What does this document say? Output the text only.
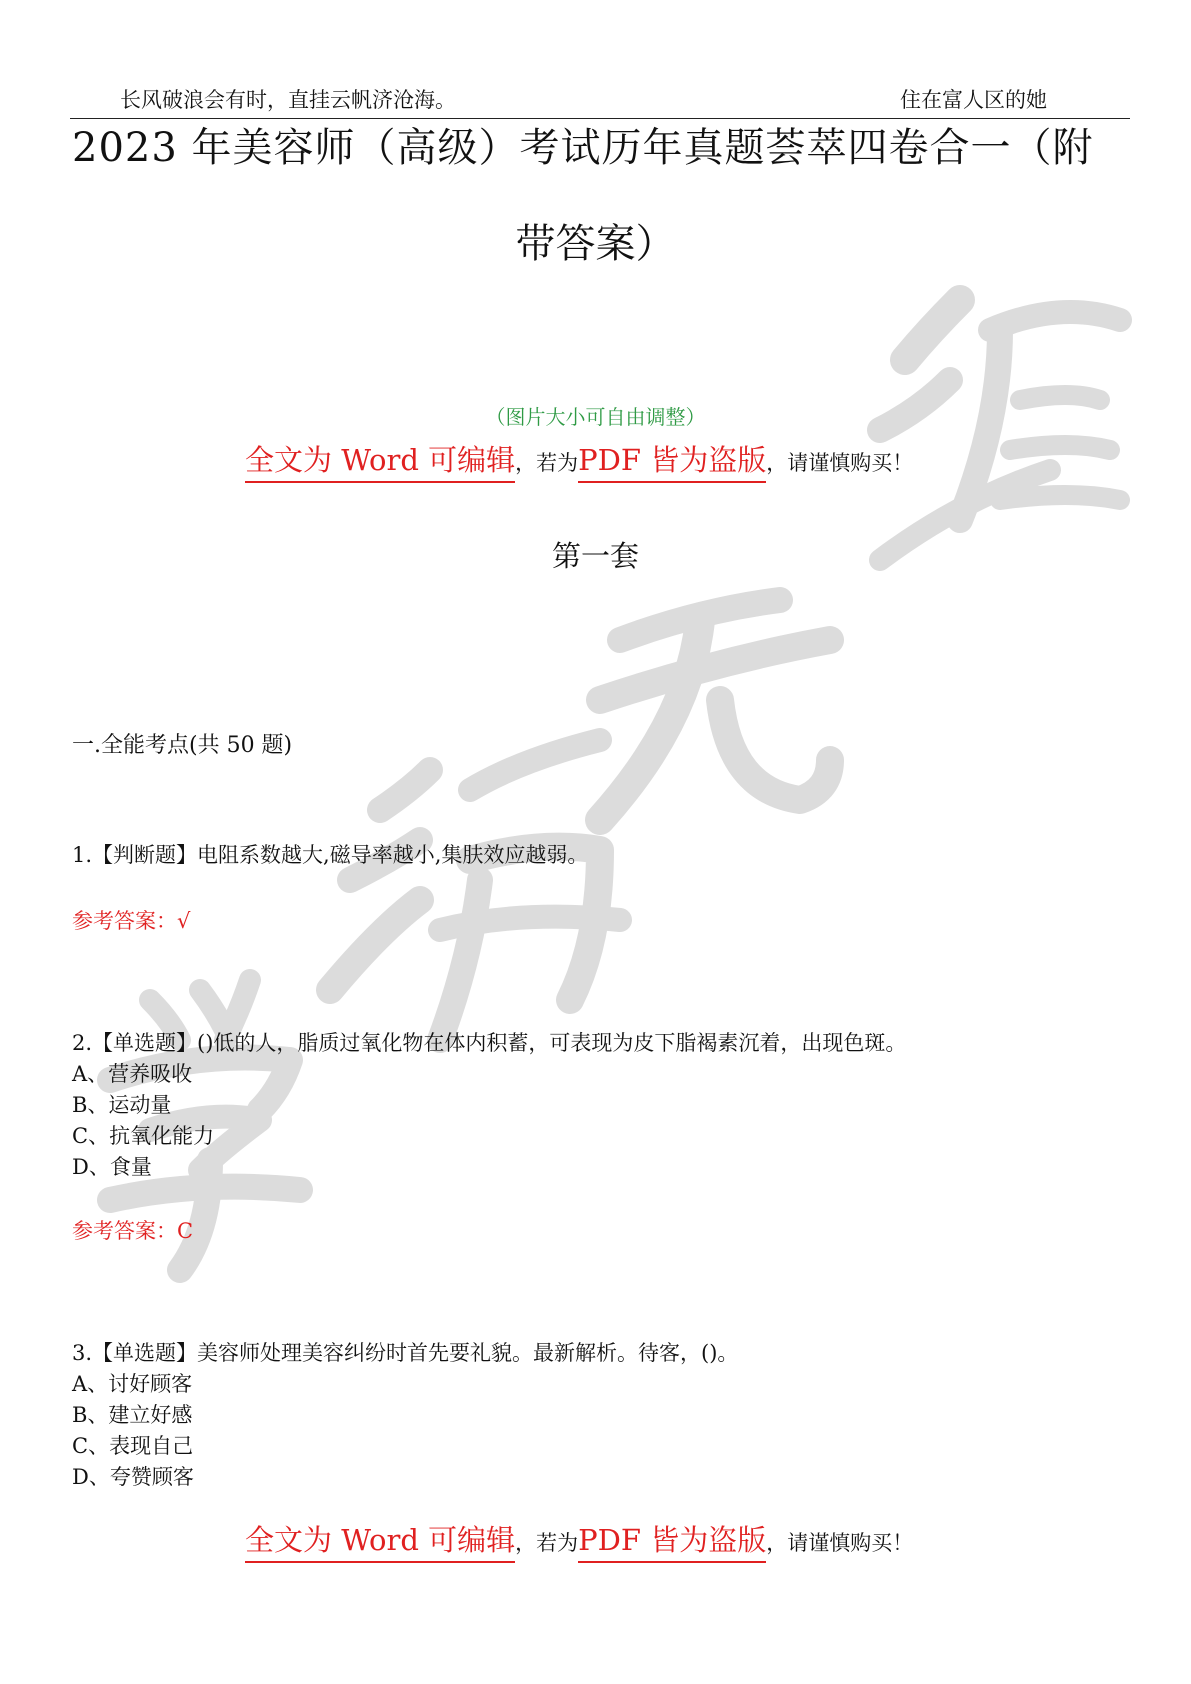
长风破浪会有时，直挂云帆济沧海。	住在富人区的她
2023 年美容师（高级）考试历年真题荟萃四卷合一（附
带答案）
（图片大小可自由调整）
全文为 Word 可编辑，若为PDF 皆为盗版，请谨慎购买！
第一套
一.全能考点(共 50 题)
1.【判断题】电阻系数越大,磁导率越小,集肤效应越弱。
参考答案：√
2.【单选题】()低的人，脂质过氧化物在体内积蓄，可表现为皮下脂褐素沉着，出现色斑。
A、营养吸收
B、运动量
C、抗氧化能力
D、食量
参考答案：C
3.【单选题】美容师处理美容纠纷时首先要礼貌。最新解析。待客，()。
A、讨好顾客
B、建立好感
C、表现自己
D、夸赞顾客
全文为 Word 可编辑，若为PDF 皆为盗版，请谨慎购买！
